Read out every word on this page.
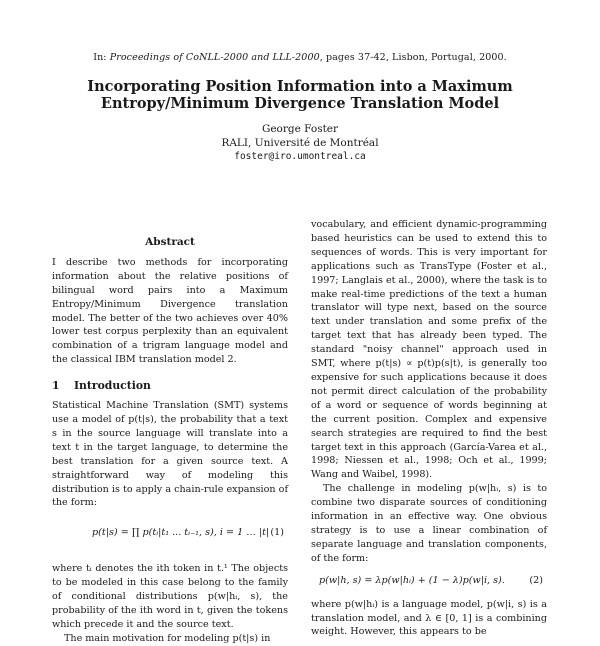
In: Proceedings of CoNLL-2000 and LLL-2000, pages 37-42, Lisbon, Portugal, 2000.
Incorporating Position Information into a Maximum
Entropy/Minimum Divergence Translation Model
George Foster
RALI, Université de Montréal
foster@iro.umontreal.ca
Abstract

I describe two methods for incorporating information about the relative positions of bilingual word pairs into a Maximum Entropy/Minimum Divergence translation model. The better of the two achieves over 40% lower test corpus perplexity than an equivalent combination of a trigram language model and the classical IBM translation model 2.

1 Introduction

Statistical Machine Translation (SMT) systems use a model of p(t|s), the probability that a text s in the source language will translate into a text t in the target language, to determine the best translation for a given source text. A straightforward way of modeling this distribution is to apply a chain-rule expansion of the form:

p(t|s) = ∏ p(tᵢ|t₁ ... tᵢ₋₁, s), i = 1 … |t| (1)

where tᵢ denotes the ith token in t.¹ The objects to be modeled in this case belong to the family of conditional distributions p(w|hᵢ, s), the probability of the ith word in t, given the tokens which precede it and the source text.

The main motivation for modeling p(t|s) in

vocabulary, and efficient dynamic-programming based heuristics can be used to extend this to sequences of words. This is very important for applications such as TransType (Foster et al., 1997; Langlais et al., 2000), where the task is to make real-time predictions of the text a human translator will type next, based on the source text under translation and some prefix of the target text that has already been typed. The standard "noisy channel" approach used in SMT, where p(t|s) ∝ p(t)p(s|t), is generally too expensive for such applications because it does not permit direct calculation of the probability of a word or sequence of words beginning at the current position. Complex and expensive search strategies are required to find the best target text in this approach (García-Varea et al., 1998; Niessen et al., 1998; Och et al., 1999; Wang and Waibel, 1998).

The challenge in modeling p(w|hᵢ, s) is to combine two disparate sources of conditioning information in an effective way. One obvious strategy is to use a linear combination of separate language and translation components, of the form:

p(w|h, s) = λp(w|hᵢ) + (1 − λ)p(w|i, s).	(2)

where p(w|hᵢ) is a language model, p(w|i, s) is a translation model, and λ ∈ [0, 1] is a combining weight. However, this appears to be
